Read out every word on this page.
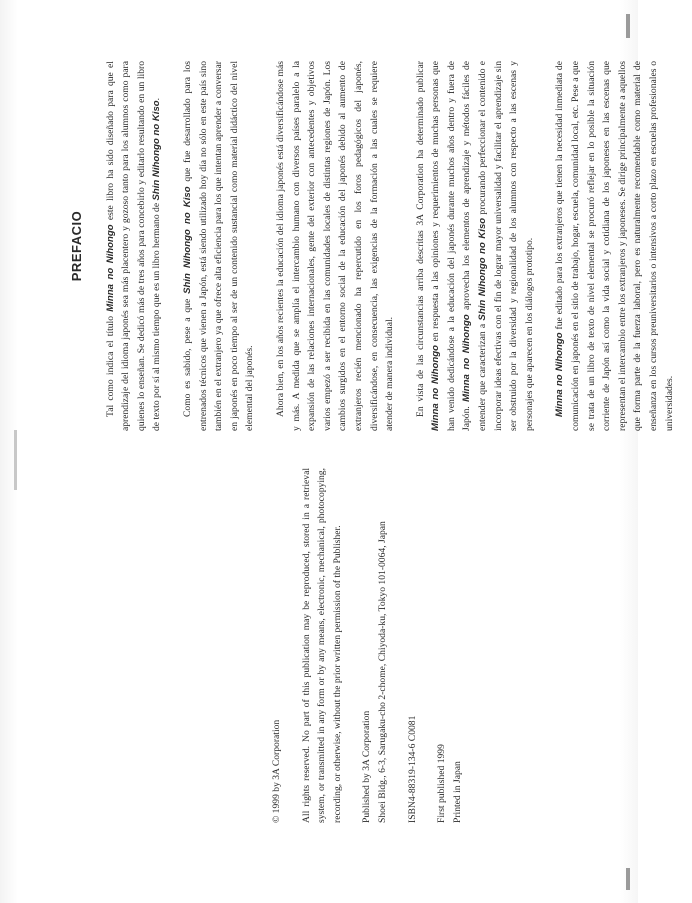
© 1999 by 3A Corporation All rights reserved. No part of this publication may be reproduced, stored in a retrieval system, or transmitted in any form or by any means, electronic, mechanical, photocopying, recording, or otherwise, without the prior written permission of the Publisher. Published by 3A Corporation Shoei Bldg., 6-3, Sarugaku-cho 2-chome, Chiyoda-ku, Tokyo 101-0064, Japan ISBN4-88319-134-6 C0081 First published 1999 Printed in Japan

PREFACIO

Tal como indica el título Minna no Nihongo este libro ha sido diseñado para que el aprendizaje del idioma japonés sea más placentero y gozoso tanto para los alumnos como para quienes lo enseñan. Se dedicó más de tres años para concebirlo y editarlo resultando en un libro de texto por sí al mismo tiempo que es un libro hermano de Shin Nihongo no Kiso.

Como es sabido, pese a que Shin Nihongo no Kiso que fue desarrollado para los entrenados técnicos que vienen a Japón, está siendo utilizado hoy día no sólo en este país sino también en el extranjero ya que ofrece alta eficiencia para los que intentan aprender a conversar en japonés en poco tiempo al ser de un contenido sustancial como material didáctico del nivel elemental del japonés. Ahora bien, en los años recientes la educación del idioma japonés está diversificándose más y más. A medida que se amplía el intercambio humano con diversos países paralelo a la expansión de las relaciones internacionales, gente del exterior con antecedentes y objetivos varios empezó a ser recibida en las comunidades locales de distintas regiones de Japón. Los cambios surgidos en el entorno social de la educación del japonés debido al aumento de extranjeros recién mencionado ha repercutido en los foros pedagógicos del japonés, diversificándose, en consecuencia, las exigencias de la formación a las cuales se requiere atender de manera individual. En vista de las circunstancias arriba descritas 3A Corporation ha determinado publicar Minna no Nihongo en respuesta a las opiniones y requerimientos de muchas personas que han venido dedicándose a la educación del japonés durante muchos años dentro y fuera de Japón. Minna no Nihongo aprovecha los elementos de aprendizaje y métodos fáciles de entender que caracterizan a Shin Nihongo no Kiso procurando perfeccionar el contenido e incorporar ideas efectivas con el fin de lograr mayor universalidad y facilitar el aprendizaje sin ser obstruido por la diversidad y regionalidad de los alumnos con respecto a las escenas y personajes que aparecen en los diálogos prototipo. Minna no Nihongo fue editado para los extranjeros que tienen la necesidad inmediata de comunicación en japonés en el sitio de trabajo, hogar, escuela, comunidad local, etc. Pese a que se trata de un libro de texto de nivel elemental se procuró reflejar en lo posible la situación corriente de Japón así como la vida social y cotidiana de los japoneses en las escenas que representan el intercambio entre los extranjeros y japoneses. Se dirige principalmente a aquellos que forma parte de la fuerza laboral, pero es naturalmente recomendable como material de enseñanza en los cursos preuniversitarios o intensivos a corto plazo en escuelas profesionales o universidades.
